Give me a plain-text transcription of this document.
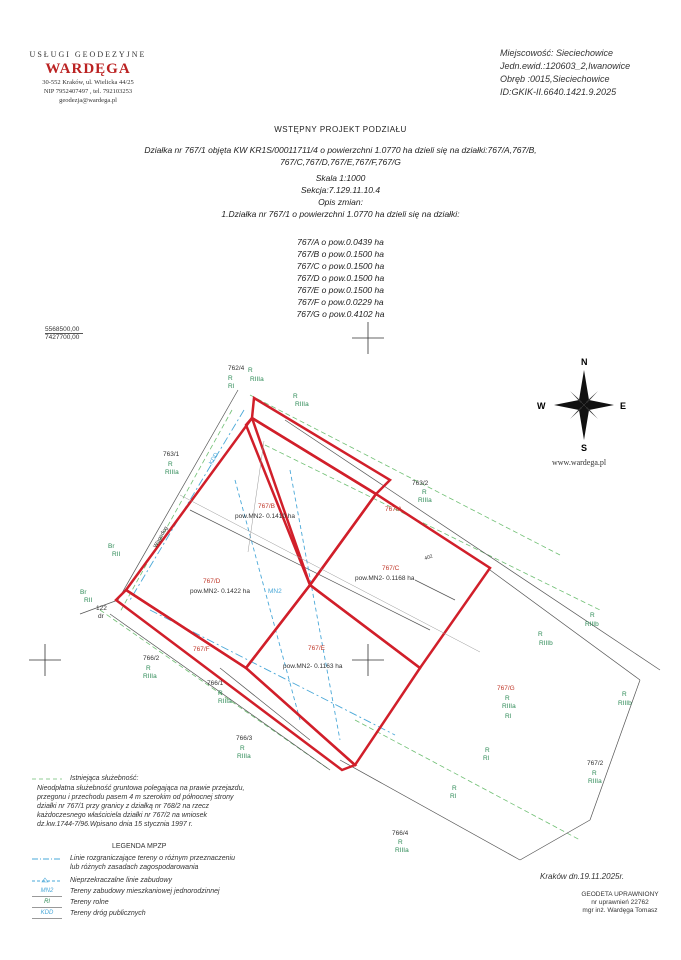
USŁUGI GEODEZYJNE
WARDĘGA
30-552 Kraków, ul. Wielicka 44/25
NIP 7952407497 , tel. 792103253
geodezja@wardega.pl
Miejscowość: Sieciechowice
Jedn.ewid.:120603_2,Iwanowice
Obręb :0015,Sieciechowice
ID:GKIK-II.6640.1421.9.2025
WSTĘPNY PROJEKT PODZIAŁU
Działka nr 767/1 objęta KW KR1S/00011711/4 o powierzchni 1.0770 ha dzieli się na działki:767/A,767/B,
767/C,767/D,767/E,767/F,767/G
Skala 1:1000
Sekcja:7.129.11.10.4
Opis zmian:
1.Działka nr 767/1 o powierzchni 1.0770 ha dzieli się na działki:
767/A o pow.0.0439 ha
767/B o pow.0.1500 ha
767/C o pow.0.1500 ha
767/D o pow.0.1500 ha
767/E o pow.0.1500 ha
767/F o pow.0.0229 ha
767/G o pow.0.4102 ha
5568500,00
7427700,00
762/4
R
Rl
R
RIIIa
R
RIIIa
763/1
R
RIIIa
KDD
Wągodog
Br
RII
Br
RII
122
dr
763/2
R
RIIIa
767/A
767/B
pow.MN2- 0.1410 ha
767/C
pow.MN2- 0.1168 ha
402
767/D
pow.MN2- 0.1422 ha	MN2
767/E
pow.MN2- 0.1163 ha
767/F
766/2
R
RIIIa
766/1
R
RIIIa
766/3
R
RIIIa
766/4
R
RIIIa
R
Rl
R
Rl
767/G
R
RIIIa
Rl
R
RIIIb
R
RIIIb
R
RIIIb
767/2
R
RIIIa
N
S
E
W
www.wardega.pl
Istniejąca służebność:
Nieodpłatna służebność gruntowa polegająca na prawie przejazdu,
przegonu i przechodu pasem 4 m szerokim od północnej strony
działki nr 767/1 przy granicy z działką nr 768/2 na rzecz
każdoczesnego właściciela działki nr 767/2 na wniosek
dz.kw.1744-7/96.Wpisano dnia 15 stycznia 1997 r.
LEGENDA MPZP
Linie rozgraniczające tereny o różnym przeznaczeniu
lub różnych zasadach zagospodarowania
Nieprzekraczalne linie zabudowy
MN2	Tereny zabudowy mieszkaniowej jednorodzinnej
Rl	Tereny rolne
KDD	Tereny dróg publicznych
Kraków dn.19.11.2025r.
GEODETA UPRAWNIONY
nr uprawnień 22762
mgr inż. Wardęga Tomasz
